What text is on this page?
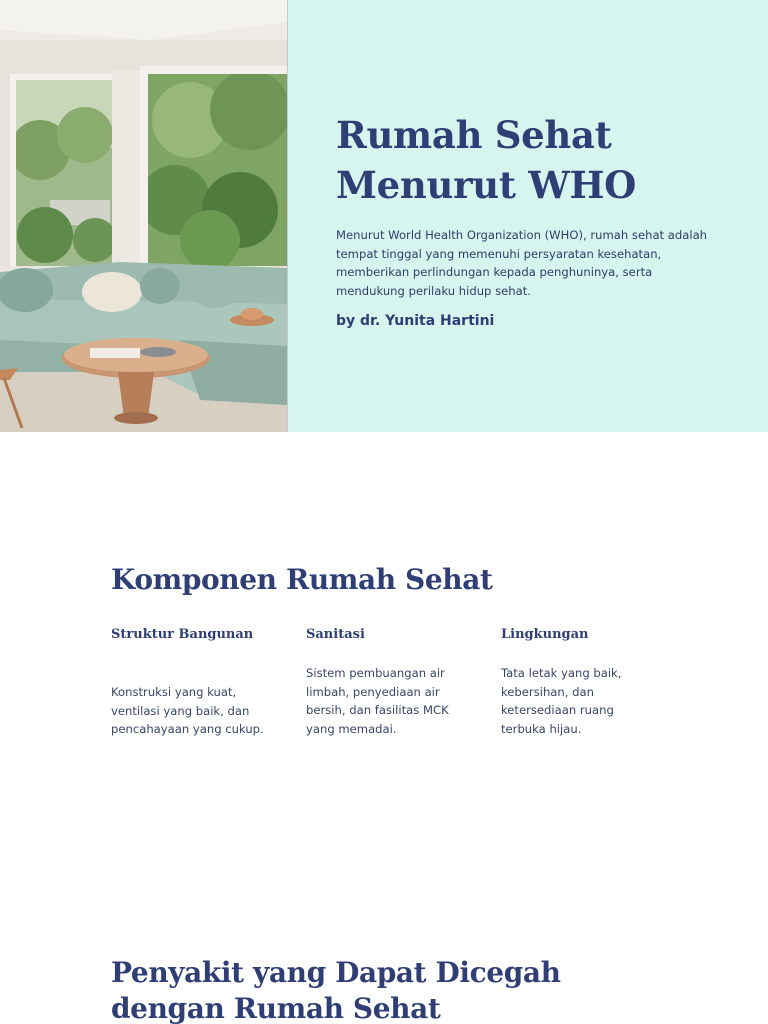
Rumah Sehat Menurut WHO

Menurut World Health Organization (WHO), rumah sehat adalah tempat tinggal yang memenuhi persyaratan kesehatan, memberikan perlindungan kepada penghuninya, serta mendukung perilaku hidup sehat.

by dr. Yunita Hartini
Komponen Rumah Sehat
Struktur Bangunan

Konstruksi yang kuat, ventilasi yang baik, dan pencahayaan yang cukup.

Sanitasi

Sistem pembuangan air limbah, penyediaan air bersih, dan fasilitas MCK yang memadai.

Lingkungan

Tata letak yang baik, kebersihan, dan ketersediaan ruang terbuka hijau.

Penyakit yang Dapat Dicegah dengan Rumah Sehat
